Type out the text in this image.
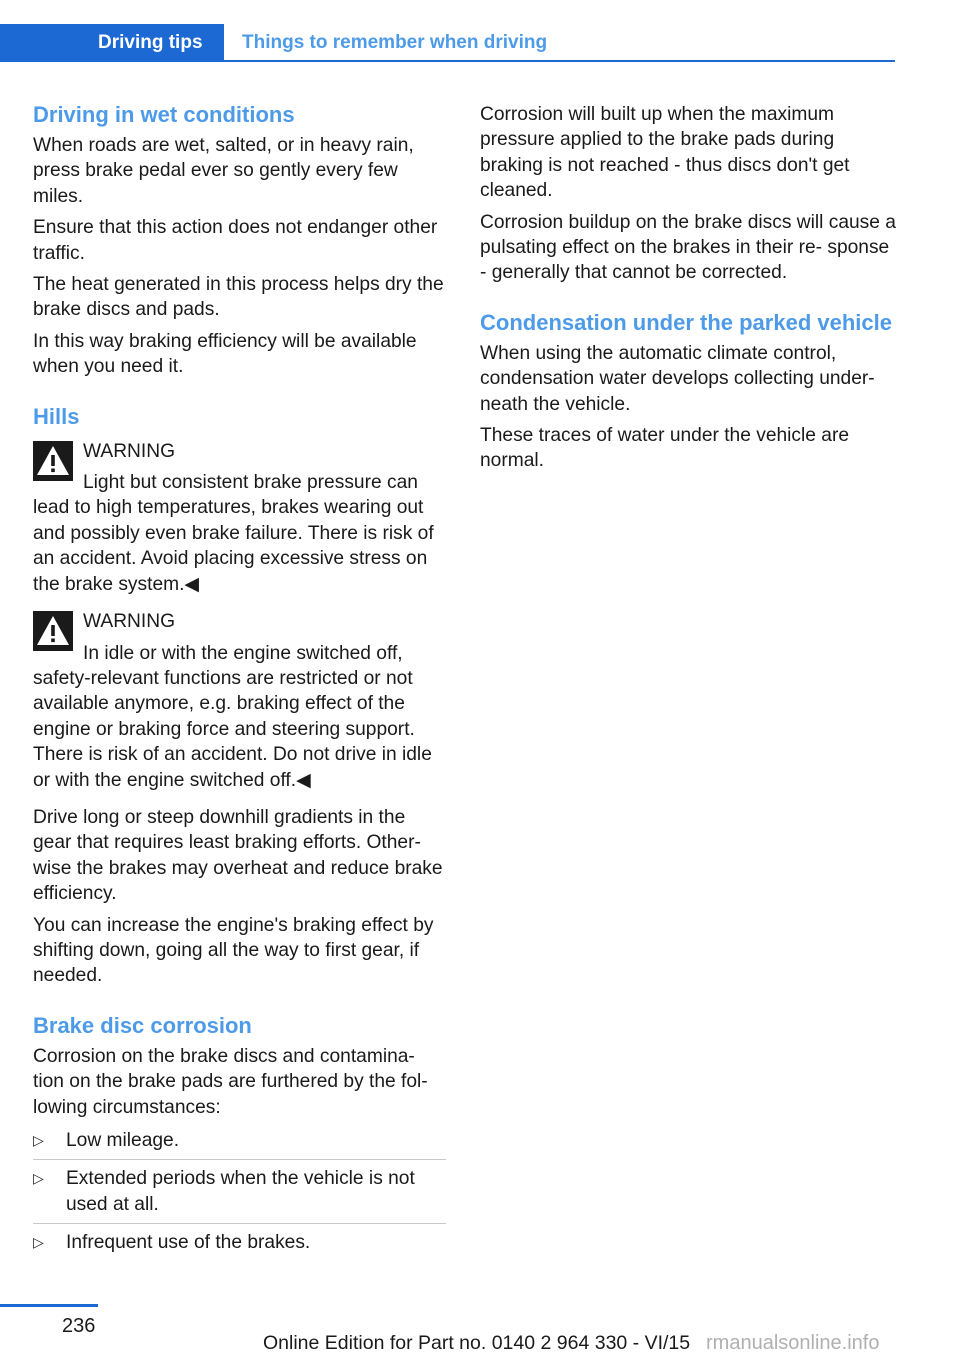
Driving tips	Things to remember when driving
Driving in wet conditions

When roads are wet, salted, or in heavy rain, press brake pedal ever so gently every few miles.

Ensure that this action does not endanger other traffic.

The heat generated in this process helps dry the brake discs and pads.

In this way braking efficiency will be available when you need it.

Hills
WARNING
Light but consistent brake pressure can lead to high temperatures, brakes wearing out and possibly even brake failure. There is risk of an accident. Avoid placing excessive stress on the brake system.◀
WARNING
In idle or with the engine switched off, safety-relevant functions are restricted or not available anymore, e.g. braking effect of the engine or braking force and steering support. There is risk of an accident. Do not drive in idle or with the engine switched off.◀

Drive long or steep downhill gradients in the gear that requires least braking efforts. Other- wise the brakes may overheat and reduce brake efficiency.

You can increase the engine's braking effect by shifting down, going all the way to first gear, if needed.

Brake disc corrosion

Corrosion on the brake discs and contamina- tion on the brake pads are furthered by the fol- lowing circumstances:

▷ Low mileage.
▷ Extended periods when the vehicle is not used at all.
▷ Infrequent use of the brakes.

Corrosion will built up when the maximum pressure applied to the brake pads during braking is not reached - thus discs don't get cleaned.

Corrosion buildup on the brake discs will cause a pulsating effect on the brakes in their re- sponse - generally that cannot be corrected.

Condensation under the parked vehicle

When using the automatic climate control, condensation water develops collecting under- neath the vehicle.

These traces of water under the vehicle are normal.

236
Online Edition for Part no. 0140 2 964 330 - VI/15 rmanualsonline.info
